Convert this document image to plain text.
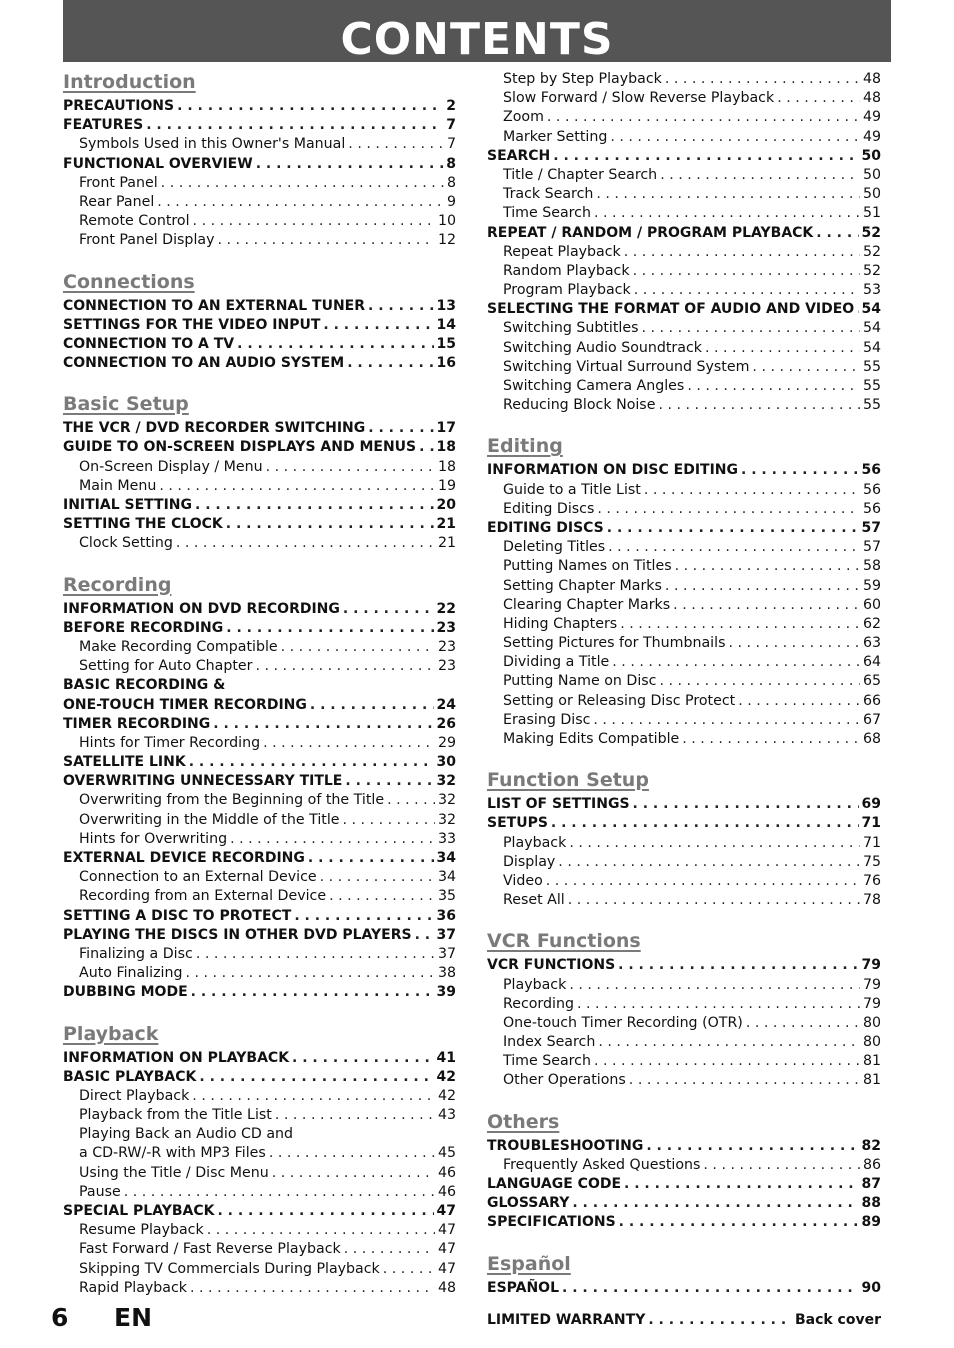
CONTENTS
Introduction
PRECAUTIONS . . .	2
FEATURES . . .	7
Symbols Used in this Owner's Manual . . .	7
FUNCTIONAL OVERVIEW . . .	8
Front Panel . . .	8
Rear Panel . . .	9
Remote Control . . .	10
Front Panel Display . . .	12
Connections
CONNECTION TO AN EXTERNAL TUNER . . .	13
SETTINGS FOR THE VIDEO INPUT . . .	14
CONNECTION TO A TV . . .	15
CONNECTION TO AN AUDIO SYSTEM . . .	16
Basic Setup
THE VCR / DVD RECORDER SWITCHING . . .	17
GUIDE TO ON-SCREEN DISPLAYS AND MENUS . . . 18
On-Screen Display / Menu . . .	18
Main Menu . . .	19
INITIAL SETTING . . .	20
SETTING THE CLOCK . . .	21
Clock Setting . . .	21
Recording
INFORMATION ON DVD RECORDING . . .	22
BEFORE RECORDING . . .	23
Make Recording Compatible . . .	23
Setting for Auto Chapter . . .	23
BASIC RECORDING &
ONE-TOUCH TIMER RECORDING . . .	24
TIMER RECORDING . . .	26
Hints for Timer Recording . . .	29
SATELLITE LINK . . .	30
OVERWRITING UNNECESSARY TITLE . . .	32
Overwriting from the Beginning of the Title . . .	32
Overwriting in the Middle of the Title . . .	32
Hints for Overwriting . . .	33
EXTERNAL DEVICE RECORDING . . .	34
Connection to an External Device . . .	34
Recording from an External Device . . .	35
SETTING A DISC TO PROTECT . . .	36
PLAYING THE DISCS IN OTHER DVD PLAYERS . . . 37
Finalizing a Disc . . .	37
Auto Finalizing . . .	38
DUBBING MODE . . .	39
Playback
INFORMATION ON PLAYBACK . . .	41
BASIC PLAYBACK . . .	42
Direct Playback . . .	42
Playback from the Title List . . .	43
Playing Back an Audio CD and
a CD-RW/-R with MP3 Files . . .	45
Using the Title / Disc Menu . . .	46
Pause . . .	46
SPECIAL PLAYBACK . . .	47
Resume Playback . . .	47
Fast Forward / Fast Reverse Playback . . .	47
Skipping TV Commercials During Playback . . .	47
Rapid Playback . . .	48
Step by Step Playback . . .	48
Slow Forward / Slow Reverse Playback . . .	48
Zoom . . .	49
Marker Setting . . .	49
SEARCH . . .	50
Title / Chapter Search . . .	50
Track Search . . .	50
Time Search . . .	51
REPEAT / RANDOM / PROGRAM PLAYBACK . . .	52
Repeat Playback . . .	52
Random Playback . . .	52
Program Playback . . .	53
SELECTING THE FORMAT OF AUDIO AND VIDEO . . . 54
Switching Subtitles . . .	54
Switching Audio Soundtrack . . .	54
Switching Virtual Surround System . . .	55
Switching Camera Angles . . .	55
Reducing Block Noise . . .	55
Editing
INFORMATION ON DISC EDITING . . .	56
Guide to a Title List . . .	56
Editing Discs . . .	56
EDITING DISCS . . .	57
Deleting Titles . . .	57
Putting Names on Titles . . .	58
Setting Chapter Marks . . .	59
Clearing Chapter Marks . . .	60
Hiding Chapters . . .	62
Setting Pictures for Thumbnails . . .	63
Dividing a Title . . .	64
Putting Name on Disc . . .	65
Setting or Releasing Disc Protect . . .	66
Erasing Disc . . .	67
Making Edits Compatible . . .	68
Function Setup
LIST OF SETTINGS . . .	69
SETUPS . . .	71
Playback . . .	71
Display . . .	75
Video . . .	76
Reset All . . .	78
VCR Functions
VCR FUNCTIONS . . .	79
Playback . . .	79
Recording . . .	79
One-touch Timer Recording (OTR) . . .	80
Index Search . . .	80
Time Search . . .	81
Other Operations . . .	81
Others
TROUBLESHOOTING . . .	82
Frequently Asked Questions . . .	86
LANGUAGE CODE . . .	87
GLOSSARY . . .	88
SPECIFICATIONS . . .	89
Español
ESPAÑOL . . .	90
LIMITED WARRANTY . . .	Back cover
6 EN
